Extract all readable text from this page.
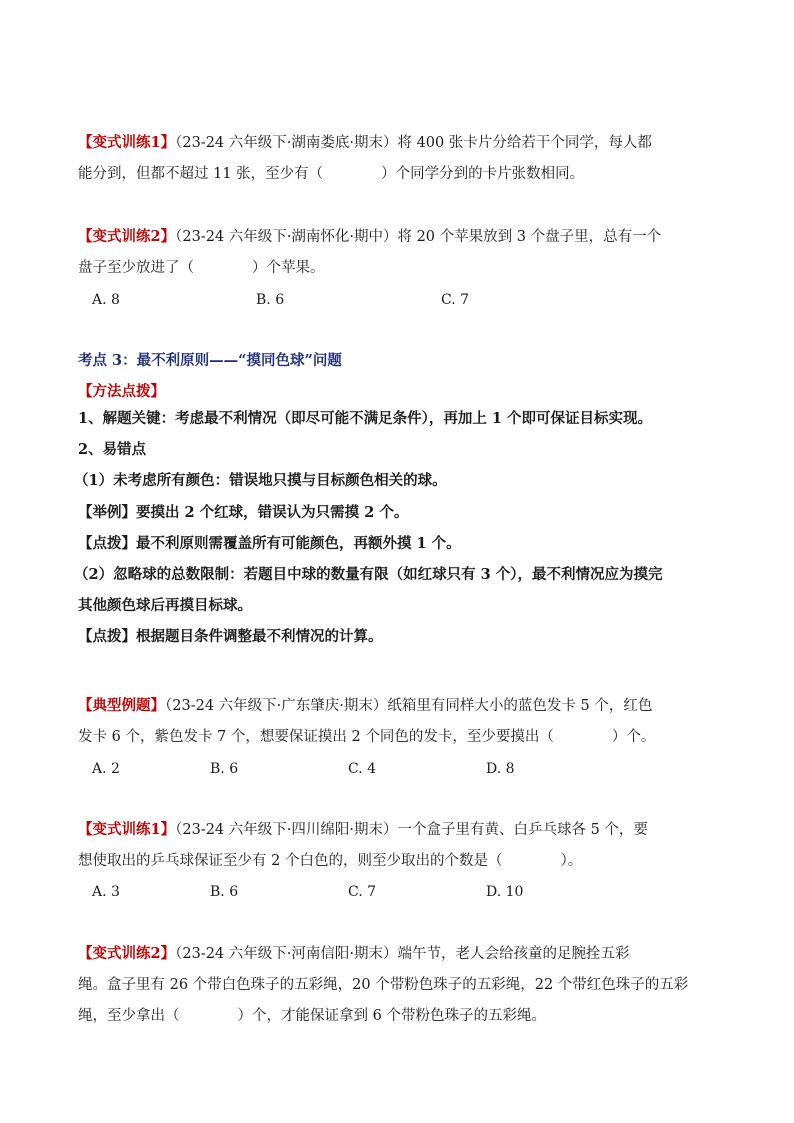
【变式训练1】（23-24 六年级下·湖南娄底·期末）将 400 张卡片分给若干个同学，每人都
能分到，但都不超过 11 张，至少有（　　　　）个同学分到的卡片张数相同。
【变式训练2】（23-24 六年级下·湖南怀化·期中）将 20 个苹果放到 3 个盘子里，总有一个
盘子至少放进了（　　　　）个苹果。
A. 8	B. 6	C. 7
考点 3：最不利原则——“摸同色球”问题
【方法点拨】
1、解题关键：考虑最不利情况（即尽可能不满足条件），再加上 1 个即可保证目标实现。
2、易错点
（1）未考虑所有颜色：错误地只摸与目标颜色相关的球。
【举例】要摸出 2 个红球，错误认为只需摸 2 个。
【点拨】最不利原则需覆盖所有可能颜色，再额外摸 1 个。
（2）忽略球的总数限制：若题目中球的数量有限（如红球只有 3 个），最不利情况应为摸完
其他颜色球后再摸目标球。
【点拨】根据题目条件调整最不利情况的计算。
【典型例题】（23-24 六年级下·广东肇庆·期末）纸箱里有同样大小的蓝色发卡 5 个，红色
发卡 6 个，紫色发卡 7 个，想要保证摸出 2 个同色的发卡，至少要摸出（　　　　）个。
A. 2	B. 6	C. 4	D. 8
【变式训练1】（23-24 六年级下·四川绵阳·期末）一个盒子里有黄、白乒乓球各 5 个，要
想使取出的乒乓球保证至少有 2 个白色的，则至少取出的个数是（　　　　）。
A. 3	B. 6	C. 7	D. 10
【变式训练2】（23-24 六年级下·河南信阳·期末）端午节，老人会给孩童的足腕拴五彩
绳。盒子里有 26 个带白色珠子的五彩绳，20 个带粉色珠子的五彩绳，22 个带红色珠子的五彩
绳，至少拿出（　　　　）个，才能保证拿到 6 个带粉色珠子的五彩绳。
